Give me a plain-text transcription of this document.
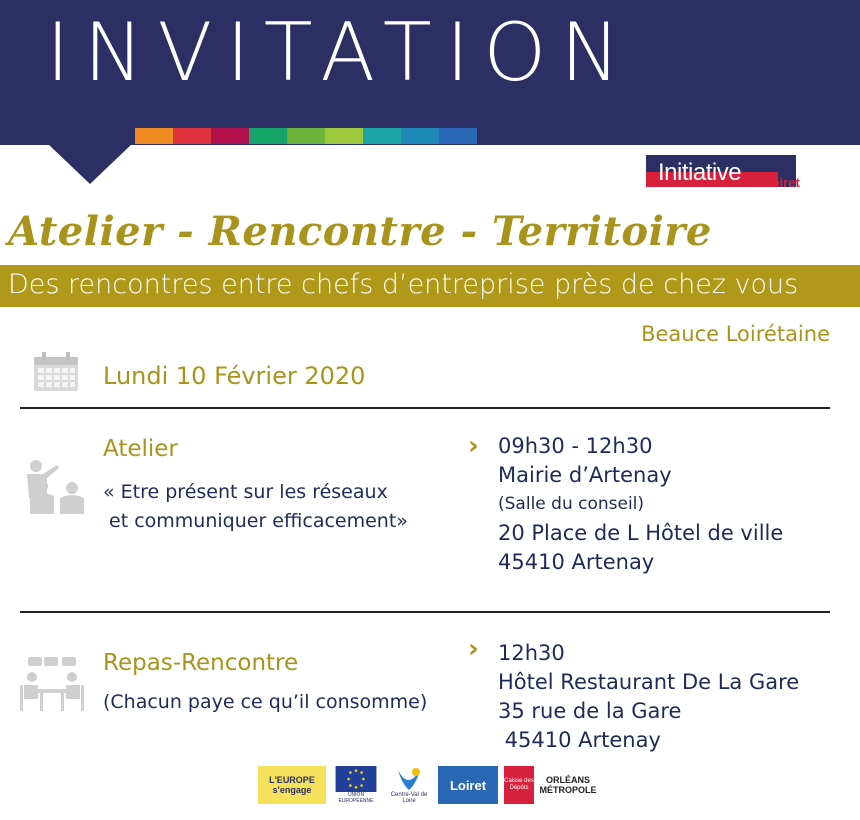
INVITATION
Initiative loiret
Atelier - Rencontre - Territoire
Des rencontres entre chefs d’entreprise près de chez vous
Beauce Loirétaine
Lundi 10 Février 2020
Atelier
« Etre présent sur les réseaux
et communiquer efficacement»
› 09h30 - 12h30
Mairie d’Artenay
(Salle du conseil)
20 Place de L Hôtel de ville
45410 Artenay
Repas-Rencontre
(Chacun paye ce qu’il consomme)
› 12h30
Hôtel Restaurant De La Gare
35 rue de la Gare
45410 Artenay
L'EUROPE s'engage	UNION EUROPÉENNE
Centre-Val de Loire
Loiret	Caisse des Dépôts
ORLÉANS MÉTROPOLE
